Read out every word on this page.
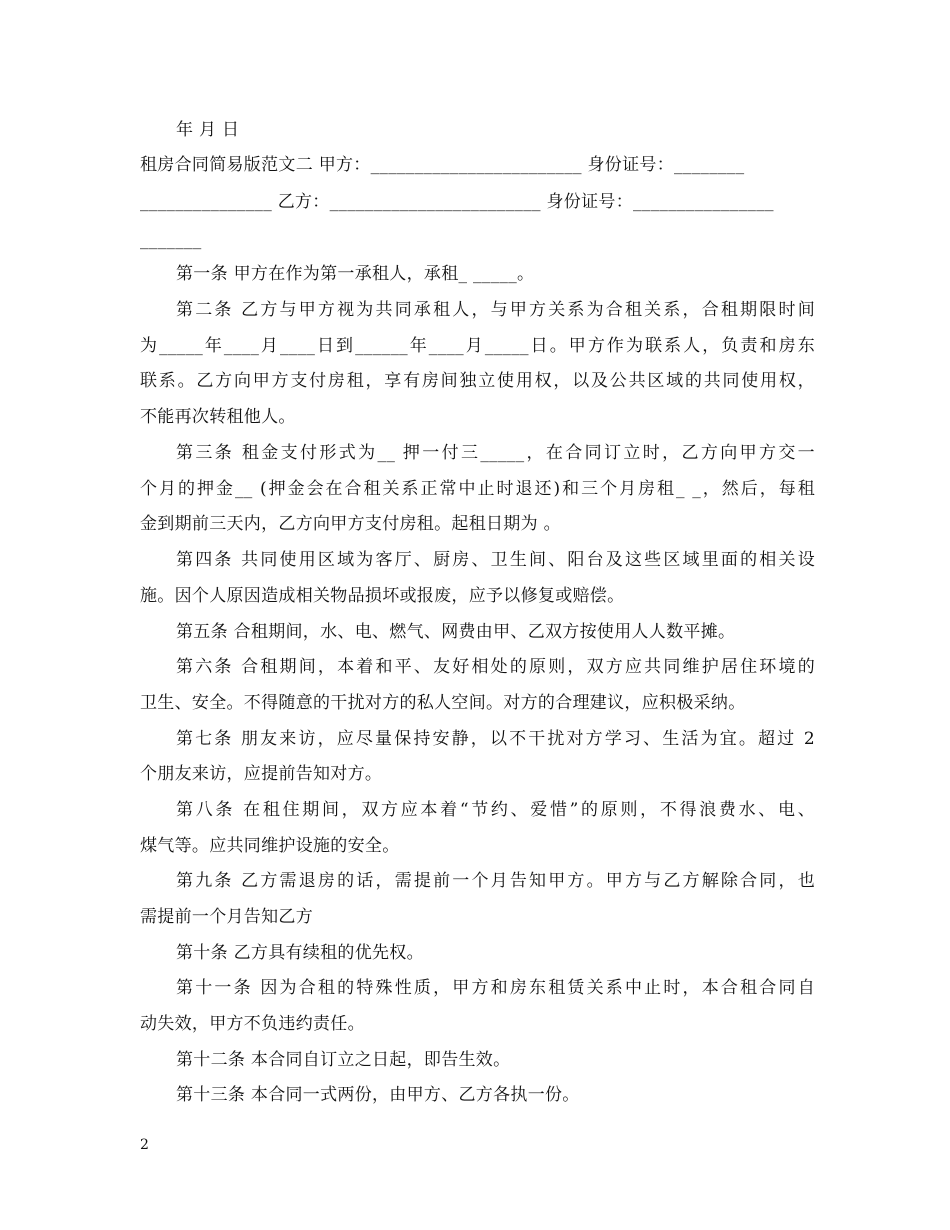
年 月 日
租房合同简易版范文二 甲方：________________________ 身份证号：________
_______________ 乙方：________________________ 身份证号：________________
_______
第一条 甲方在作为第一承租人，承租_ _____。
第二条 乙方与甲方视为共同承租人，与甲方关系为合租关系，合租期限时间
为_____年____月____日到______年____月_____日。甲方作为联系人，负责和房东
联系。乙方向甲方支付房租，享有房间独立使用权，以及公共区域的共同使用权，
不能再次转租他人。
第三条 租金支付形式为__ 押一付三_____，在合同订立时，乙方向甲方交一
个月的押金__ (押金会在合租关系正常中止时退还)和三个月房租_ _，然后，每租
金到期前三天内，乙方向甲方支付房租。起租日期为 。
第四条 共同使用区域为客厅、厨房、卫生间、阳台及这些区域里面的相关设
施。因个人原因造成相关物品损坏或报废，应予以修复或赔偿。
第五条 合租期间，水、电、燃气、网费由甲、乙双方按使用人人数平摊。
第六条 合租期间，本着和平、友好相处的原则，双方应共同维护居住环境的
卫生、安全。不得随意的干扰对方的私人空间。对方的合理建议，应积极采纳。
第七条 朋友来访，应尽量保持安静，以不干扰对方学习、生活为宜。超过 2
个朋友来访，应提前告知对方。
第八条 在租住期间，双方应本着“节约、爱惜”的原则，不得浪费水、电、
煤气等。应共同维护设施的安全。
第九条 乙方需退房的话，需提前一个月告知甲方。甲方与乙方解除合同，也
需提前一个月告知乙方
第十条 乙方具有续租的优先权。
第十一条 因为合租的特殊性质，甲方和房东租赁关系中止时，本合租合同自
动失效，甲方不负违约责任。
第十二条 本合同自订立之日起，即告生效。
第十三条 本合同一式两份，由甲方、乙方各执一份。
2
